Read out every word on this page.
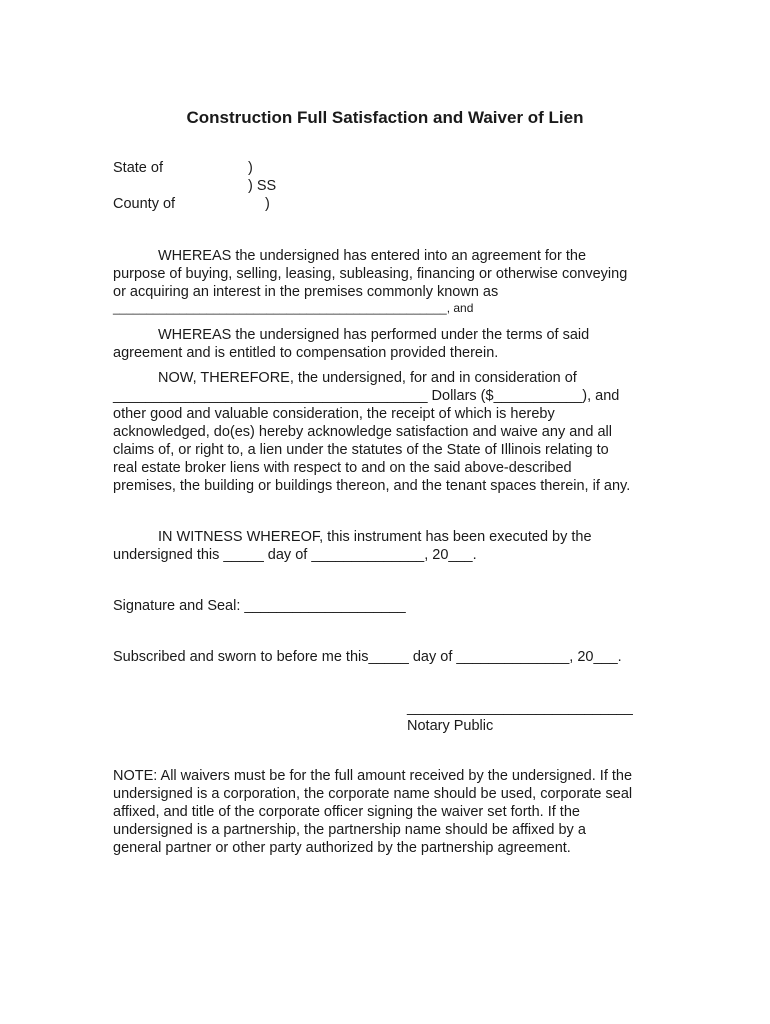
Construction Full Satisfaction and Waiver of Lien
State of	)
) SS
County of	)
WHEREAS the undersigned has entered into an agreement for the
purpose of buying, selling, leasing, subleasing, financing or otherwise conveying
or acquiring an interest in the premises commonly known as
__________________________________________________, and
WHEREAS the undersigned has performed under the terms of said
agreement and is entitled to compensation provided therein.
NOW, THEREFORE, the undersigned, for and in consideration of
_______________________________________ Dollars ($___________), and
other good and valuable consideration, the receipt of which is hereby
acknowledged, do(es) hereby acknowledge satisfaction and waive any and all
claims of, or right to, a lien under the statutes of the State of Illinois relating to
real estate broker liens with respect to and on the said above-described
premises, the building or buildings thereon, and the tenant spaces therein, if any.
IN WITNESS WHEREOF, this instrument has been executed by the
undersigned this _____ day of ______________, 20___.
Signature and Seal: ____________________
Subscribed and sworn to before me this_____ day of ______________, 20___.
____________________________
Notary Public
NOTE: All waivers must be for the full amount received by the undersigned. If the
undersigned is a corporation, the corporate name should be used, corporate seal
affixed, and title of the corporate officer signing the waiver set forth. If the
undersigned is a partnership, the partnership name should be affixed by a
general partner or other party authorized by the partnership agreement.
